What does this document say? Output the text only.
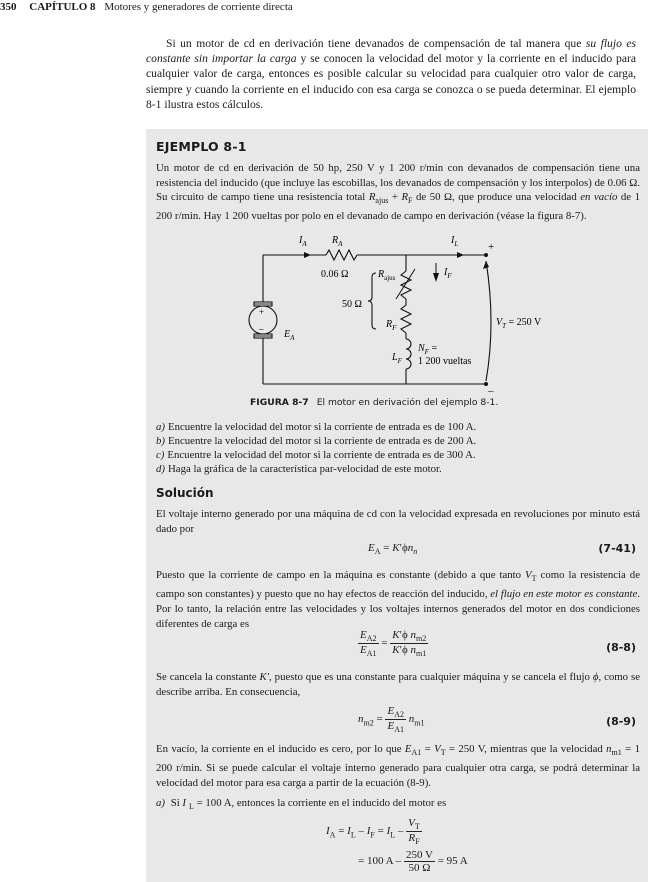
350 CAPÍTULO 8 Motores y generadores de corriente directa

Si un motor de cd en derivación tiene devanados de compensación de tal manera que su flujo es constante sin importar la carga y se conocen la velocidad del motor y la corriente en el inducido para cualquier valor de carga, entonces es posible calcular su velocidad para cualquier otro valor de carga, siempre y cuando la corriente en el inducido con esa carga se conozca o se pueda determinar. El ejemplo 8-1 ilustra estos cálculos.

EJEMPLO 8-1

Un motor de cd en derivación de 50 hp, 250 V y 1 200 r/min con devanados de compensación tiene una resistencia del inducido (que incluye las escobillas, los devanados de compensación y los interpolos) de 0.06 Ω. Su circuito de campo tiene una resistencia total $R_{ajus} + R_F$ de 50 Ω, que produce una velocidad en vacío de 1 200 r/min. Hay 1 200 vueltas por polo en el devanado de campo en derivación (véase la figura 8-7).

$I_A$	$R_A$	$I_L$	+
–
0.06 Ω
50 Ω
$R_{ajus}$	$I_F$
$R_F$
$E_A$
$V_T = 250$ V
$N_F$ =
1 200 vueltas
$L_F$
+
–
FIGURA 8-7 El motor en derivación del ejemplo 8-1.
a) Encuentre la velocidad del motor si la corriente de entrada es de 100 A.
b) Encuentre la velocidad del motor si la corriente de entrada es de 200 A.
c) Encuentre la velocidad del motor si la corriente de entrada es de 300 A.
d) Haga la gráfica de la característica par-velocidad de este motor.
Solución

El voltaje interno generado por una máquina de cd con la velocidad expresada en revoluciones por minuto está dado por

$E_A = K'\phi n_n$	(7-41)

Puesto que la corriente de campo en la máquina es constante (debido a que tanto $V_T$ como la resistencia de campo son constantes) y puesto que no hay efectos de reacción del inducido, el flujo en este motor es constante. Por lo tanto, la relación entre las velocidades y los voltajes internos generados del motor en dos condiciones diferentes de carga es

$\frac{E_{A2}}{E_{A1}} = \frac{K'\phi n_{m2}}{K'\phi n_{m1}}$	(8-8)

Se cancela la constante K′, puesto que es una constante para cualquier máquina y se cancela el flujo ϕ, como se describe arriba. En consecuencia,

$n_{m2} = \frac{E_{A2}}{E_{A1}} n_{m1}$	(8-9)

En vacío, la corriente en el inducido es cero, por lo que $E_{A1} = V_T = 250$ V, mientras que la velocidad $n_{m1} = 1$ 200 r/min. Si se puede calcular el voltaje interno generado para cualquier otra carga, se podrá determinar la velocidad del motor para esa carga a partir de la ecuación (8-9).

a) Si I $_L$ = 100 A, entonces la corriente en el inducido del motor es
$I_A = I_L - I_F = I_L - \frac{V_T}{R_F}$
= 100 $A - \frac{250 V}{50 \Omega} = 95$ A
